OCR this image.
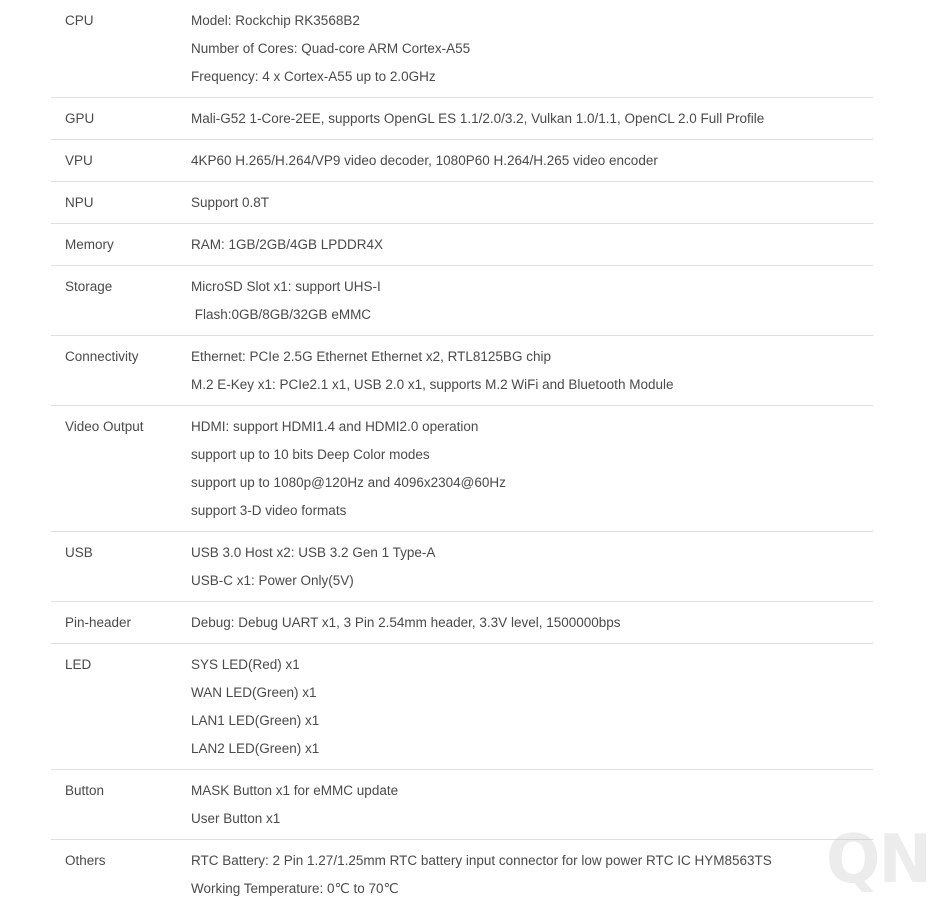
CPU	Model: Rockchip RK3568B2
Number of Cores: Quad-core ARM Cortex-A55
Frequency: 4 x Cortex-A55 up to 2.0GHz
GPU	Mali-G52 1-Core-2EE, supports OpenGL ES 1.1/2.0/3.2, Vulkan 1.0/1.1, OpenCL 2.0 Full Profile
VPU	4KP60 H.265/H.264/VP9 video decoder, 1080P60 H.264/H.265 video encoder
NPU	Support 0.8T
Memory	RAM: 1GB/2GB/4GB LPDDR4X
Storage	MicroSD Slot x1: support UHS-I
Flash:0GB/8GB/32GB eMMC
Connectivity	Ethernet: PCIe 2.5G Ethernet Ethernet x2, RTL8125BG chip
M.2 E-Key x1: PCIe2.1 x1, USB 2.0 x1, supports M.2 WiFi and Bluetooth Module
Video Output	HDMI: support HDMI1.4 and HDMI2.0 operation
support up to 10 bits Deep Color modes
support up to 1080p@120Hz and 4096x2304@60Hz
support 3-D video formats
USB	USB 3.0 Host x2: USB 3.2 Gen 1 Type-A
USB-C x1: Power Only(5V)
Pin-header	Debug: Debug UART x1, 3 Pin 2.54mm header, 3.3V level, 1500000bps
LED	SYS LED(Red) x1
WAN LED(Green) x1
LAN1 LED(Green) x1
LAN2 LED(Green) x1
Button	MASK Button x1 for eMMC update
User Button x1
Others	RTC Battery: 2 Pin 1.27/1.25mm RTC battery input connector for low power RTC IC HYM8563TS
Working Temperature: 0℃ to 70℃	QN
